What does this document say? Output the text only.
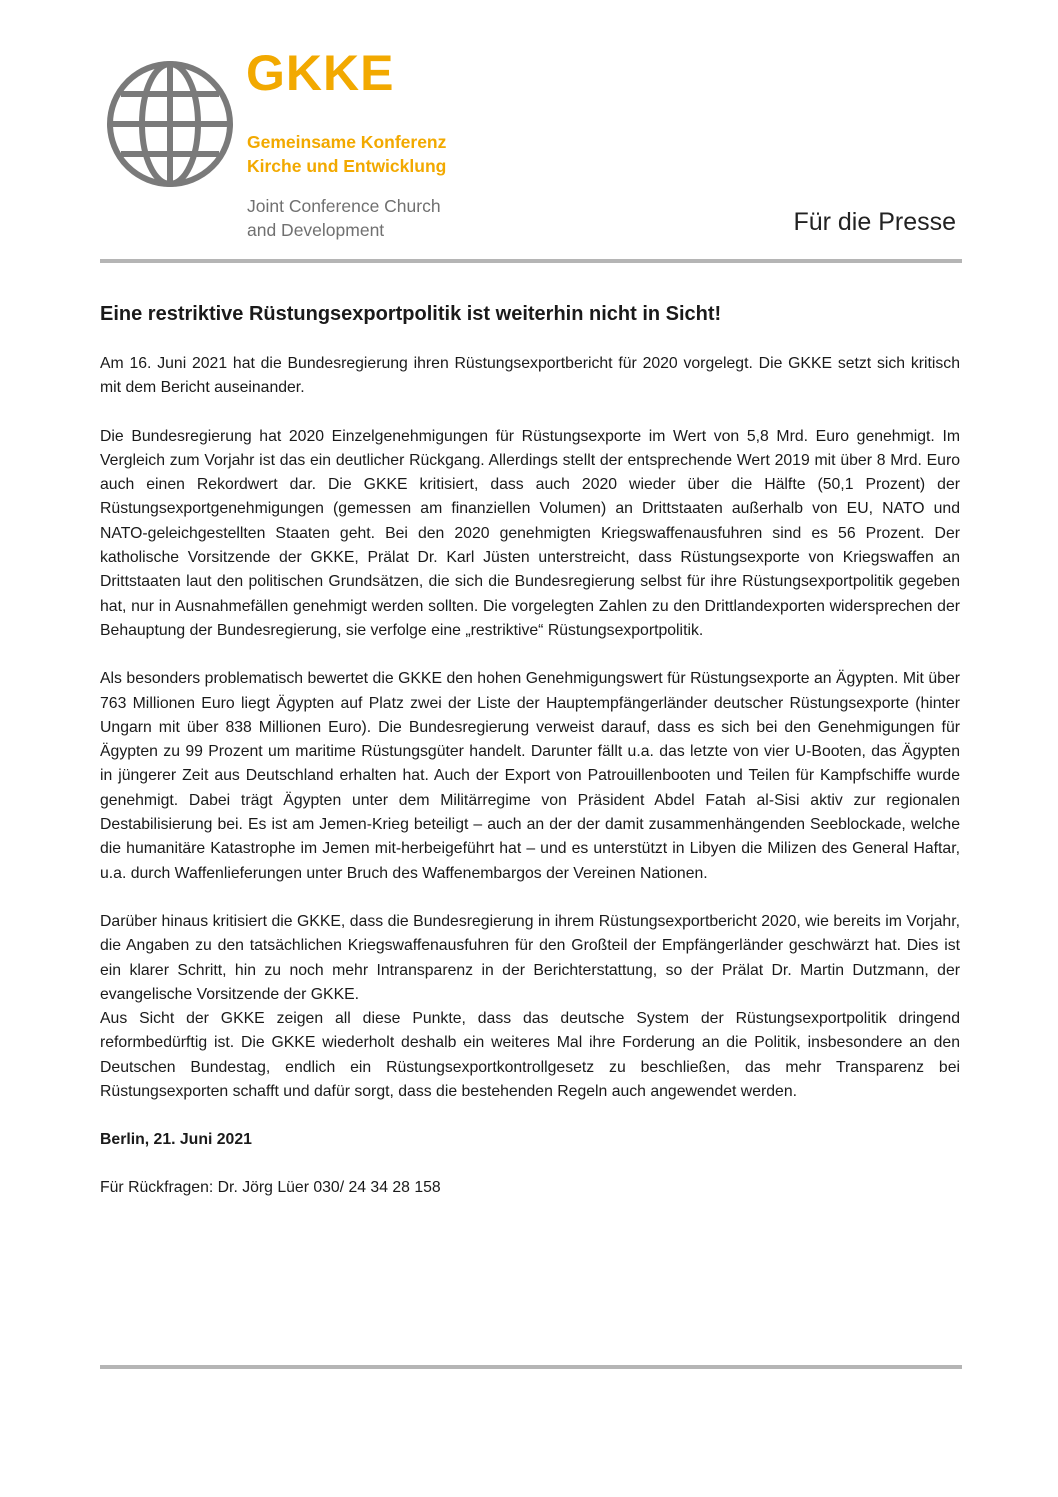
GKKE
Gemeinsame Konferenz
Kirche und Entwicklung
Joint Conference Church
and Development	Für die Presse
Eine restriktive Rüstungsexportpolitik ist weiterhin nicht in Sicht!

Am 16. Juni 2021 hat die Bundesregierung ihren Rüstungsexportbericht für 2020 vorgelegt. Die GKKE setzt sich kritisch mit dem Bericht auseinander.

Die Bundesregierung hat 2020 Einzelgenehmigungen für Rüstungsexporte im Wert von 5,8 Mrd. Euro genehmigt. Im Vergleich zum Vorjahr ist das ein deutlicher Rückgang. Allerdings stellt der entsprechende Wert 2019 mit über 8 Mrd. Euro auch einen Rekordwert dar. Die GKKE kritisiert, dass auch 2020 wieder über die Hälfte (50,1 Prozent) der Rüstungsexportgenehmigungen (gemessen am finanziellen Volumen) an Drittstaaten außerhalb von EU, NATO und NATO-geleichgestellten Staaten geht. Bei den 2020 genehmigten Kriegswaffenausfuhren sind es 56 Prozent. Der katholische Vorsitzende der GKKE, Prälat Dr. Karl Jüsten unterstreicht, dass Rüstungsexporte von Kriegswaffen an Drittstaaten laut den politischen Grundsätzen, die sich die Bundesregierung selbst für ihre Rüstungsexportpolitik gegeben hat, nur in Ausnahmefällen genehmigt werden sollten. Die vorgelegten Zahlen zu den Drittlandexporten widersprechen der Behauptung der Bundesregierung, sie verfolge eine „restriktive“ Rüstungsexportpolitik.

Als besonders problematisch bewertet die GKKE den hohen Genehmigungswert für Rüstungsexporte an Ägypten. Mit über 763 Millionen Euro liegt Ägypten auf Platz zwei der Liste der Hauptempfängerländer deutscher Rüstungsexporte (hinter Ungarn mit über 838 Millionen Euro). Die Bundesregierung verweist darauf, dass es sich bei den Genehmigungen für Ägypten zu 99 Prozent um maritime Rüstungsgüter handelt. Darunter fällt u.a. das letzte von vier U-Booten, das Ägypten in jüngerer Zeit aus Deutschland erhalten hat. Auch der Export von Patrouillenbooten und Teilen für Kampfschiffe wurde genehmigt. Dabei trägt Ägypten unter dem Militärregime von Präsident Abdel Fatah al-Sisi aktiv zur regionalen Destabilisierung bei. Es ist am Jemen-Krieg beteiligt – auch an der der damit zusammenhängenden Seeblockade, welche die humanitäre Katastrophe im Jemen mit-herbeigeführt hat – und es unterstützt in Libyen die Milizen des General Haftar, u.a. durch Waffenlieferungen unter Bruch des Waffenembargos der Vereinen Nationen.

Darüber hinaus kritisiert die GKKE, dass die Bundesregierung in ihrem Rüstungsexportbericht 2020, wie bereits im Vorjahr, die Angaben zu den tatsächlichen Kriegswaffenausfuhren für den Großteil der Empfängerländer geschwärzt hat. Dies ist ein klarer Schritt, hin zu noch mehr Intransparenz in der Berichterstattung, so der Prälat Dr. Martin Dutzmann, der evangelische Vorsitzende der GKKE.

Aus Sicht der GKKE zeigen all diese Punkte, dass das deutsche System der Rüstungsexportpolitik dringend reformbedürftig ist. Die GKKE wiederholt deshalb ein weiteres Mal ihre Forderung an die Politik, insbesondere an den Deutschen Bundestag, endlich ein Rüstungsexportkontrollgesetz zu beschließen, das mehr Transparenz bei Rüstungsexporten schafft und dafür sorgt, dass die bestehenden Regeln auch angewendet werden.

Berlin, 21. Juni 2021

Für Rückfragen: Dr. Jörg Lüer 030/ 24 34 28 158
